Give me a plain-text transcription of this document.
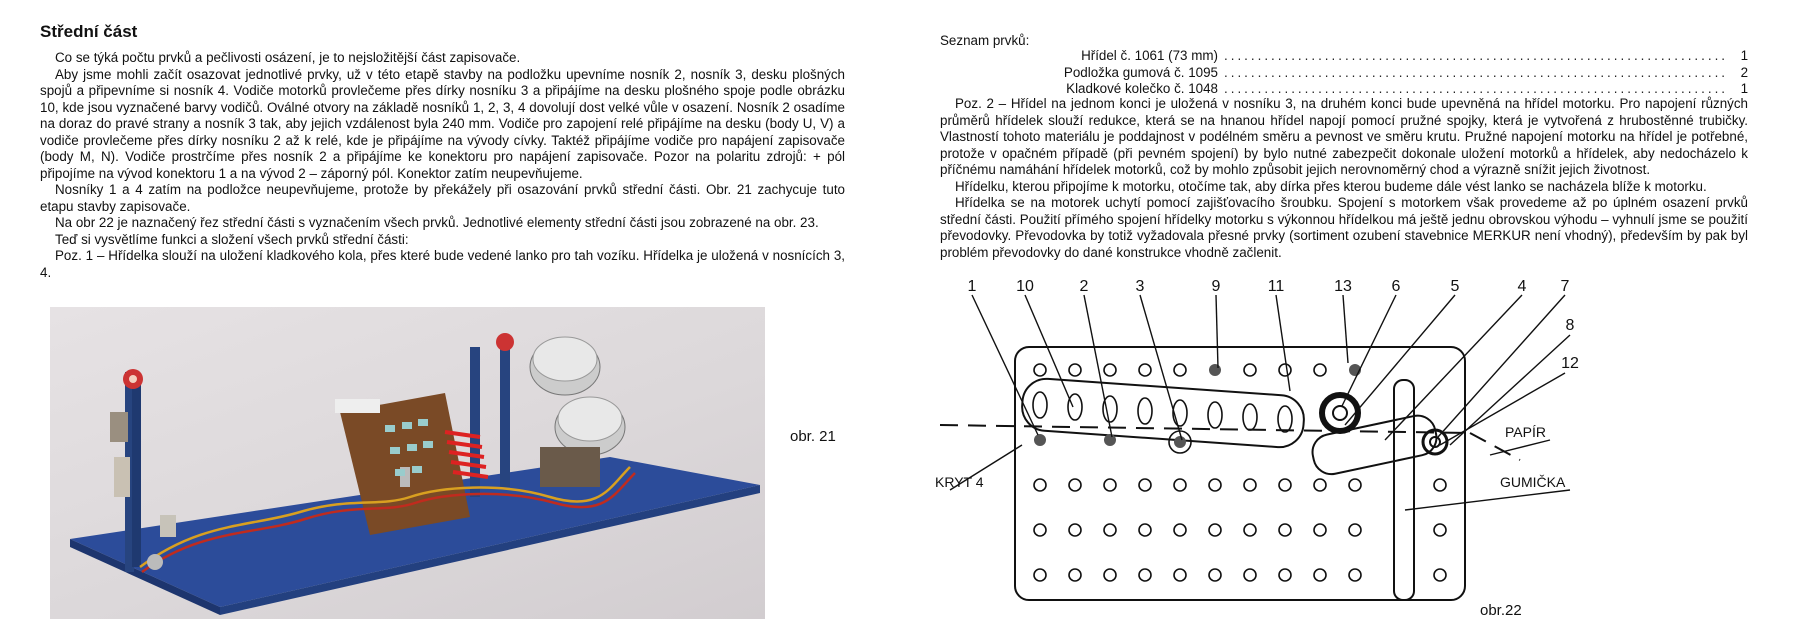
Střední část

Co se týká počtu prvků a pečlivosti osázení, je to nejsložitější část zapisovače.

Aby jsme mohli začít osazovat jednotlivé prvky, už v této etapě stavby na podložku upevníme nosník 2, nosník 3, desku plošných spojů a připevníme si nosník 4. Vodiče motorků provlečeme přes dírky nosníku 3 a připájíme na desku plošného spoje podle obrázku 10, kde jsou vyznačené barvy vodičů. Oválné otvory na základě nosníků 1, 2, 3, 4 dovolují dost velké vůle v osazení. Nosník 2 osadíme na doraz do pravé strany a nosník 3 tak, aby jejich vzdálenost byla 240 mm. Vodiče pro zapojení relé připájíme na desku (body U, V) a vodiče provlečeme přes dírky nosníku 2 až k relé, kde je připájíme na vývody cívky. Taktéž připájíme vodiče pro napájení zapisovače (body M, N). Vodiče prostrčíme přes nosník 2 a připájíme ke konektoru pro napájení zapisovače. Pozor na polaritu zdrojů: + pól připojíme na vývod konektoru 1 a na vývod 2 – záporný pól. Konektor zatím neupevňujeme.

Nosníky 1 a 4 zatím na podložce neupevňujeme, protože by překážely při osazování prvků střední části. Obr. 21 zachycuje tuto etapu stavby zapisovače.

Na obr 22 je naznačený řez střední části s vyznačením všech prvků. Jednotlivé elementy střední části jsou zobrazené na obr. 23.

Teď si vysvětlíme funkci a složení všech prvků střední části:

Poz. 1 – Hřídelka slouží na uložení kladkového kola, přes které bude vedené lanko pro tah vozíku. Hřídelka je uložená v nosnících 3, 4.

obr. 21

Seznam prvků:

Hřídel č. 1061 (73 mm) ........................................................................... 1
Podložka gumová č. 1095 ........................................................................... 2
Kladkové kolečko č. 1048 ........................................................................... 1

Poz. 2 – Hřídel na jednom konci je uložená v nosníku 3, na druhém konci bude upevněná na hřídel motorku. Pro napojení různých průměrů hřídelek slouží redukce, která se na hnanou hřídel napojí pomocí pružné spojky, která je vytvořená z hrubostěnné trubičky. Vlastností tohoto materiálu je poddajnost v podélném směru a pevnost ve směru krutu. Pružné napojení motorku na hřídel je potřebné, protože v opačném případě (při pevném spojení) by bylo nutné zabezpečit dokonale uložení motorků a hřídelek, aby nedocházelo k příčnému namáhání hřídelek motorků, což by mohlo způsobit jejich nerovnoměrný chod a výrazně snížit jejich životnost.

Hřídelku, kterou připojíme k motorku, otočíme tak, aby dírka přes kterou budeme dále vést lanko se nacházela blíže k motorku.

Hřídelka se na motorek uchytí pomocí zajišťovacího šroubku. Spojení s motorkem však provedeme až po úplném osazení prvků střední části. Použití přímého spojení hřídelky motorku s výkonnou hřídelkou má ještě jednu obrovskou výhodu – vyhnulí jsme se použití převodovky. Převodovka by totiž vyžadovala přesné prvky (sortiment ozubení stavebnice MERKUR není vhodný), především by pak byl problém převodovky do dané konstrukce vhodně začlenit.

1 10	2	3	9	11	13 6	5	4 7
8
12
KRYT 4
PAPÍR
GUMIČKA
obr.22
